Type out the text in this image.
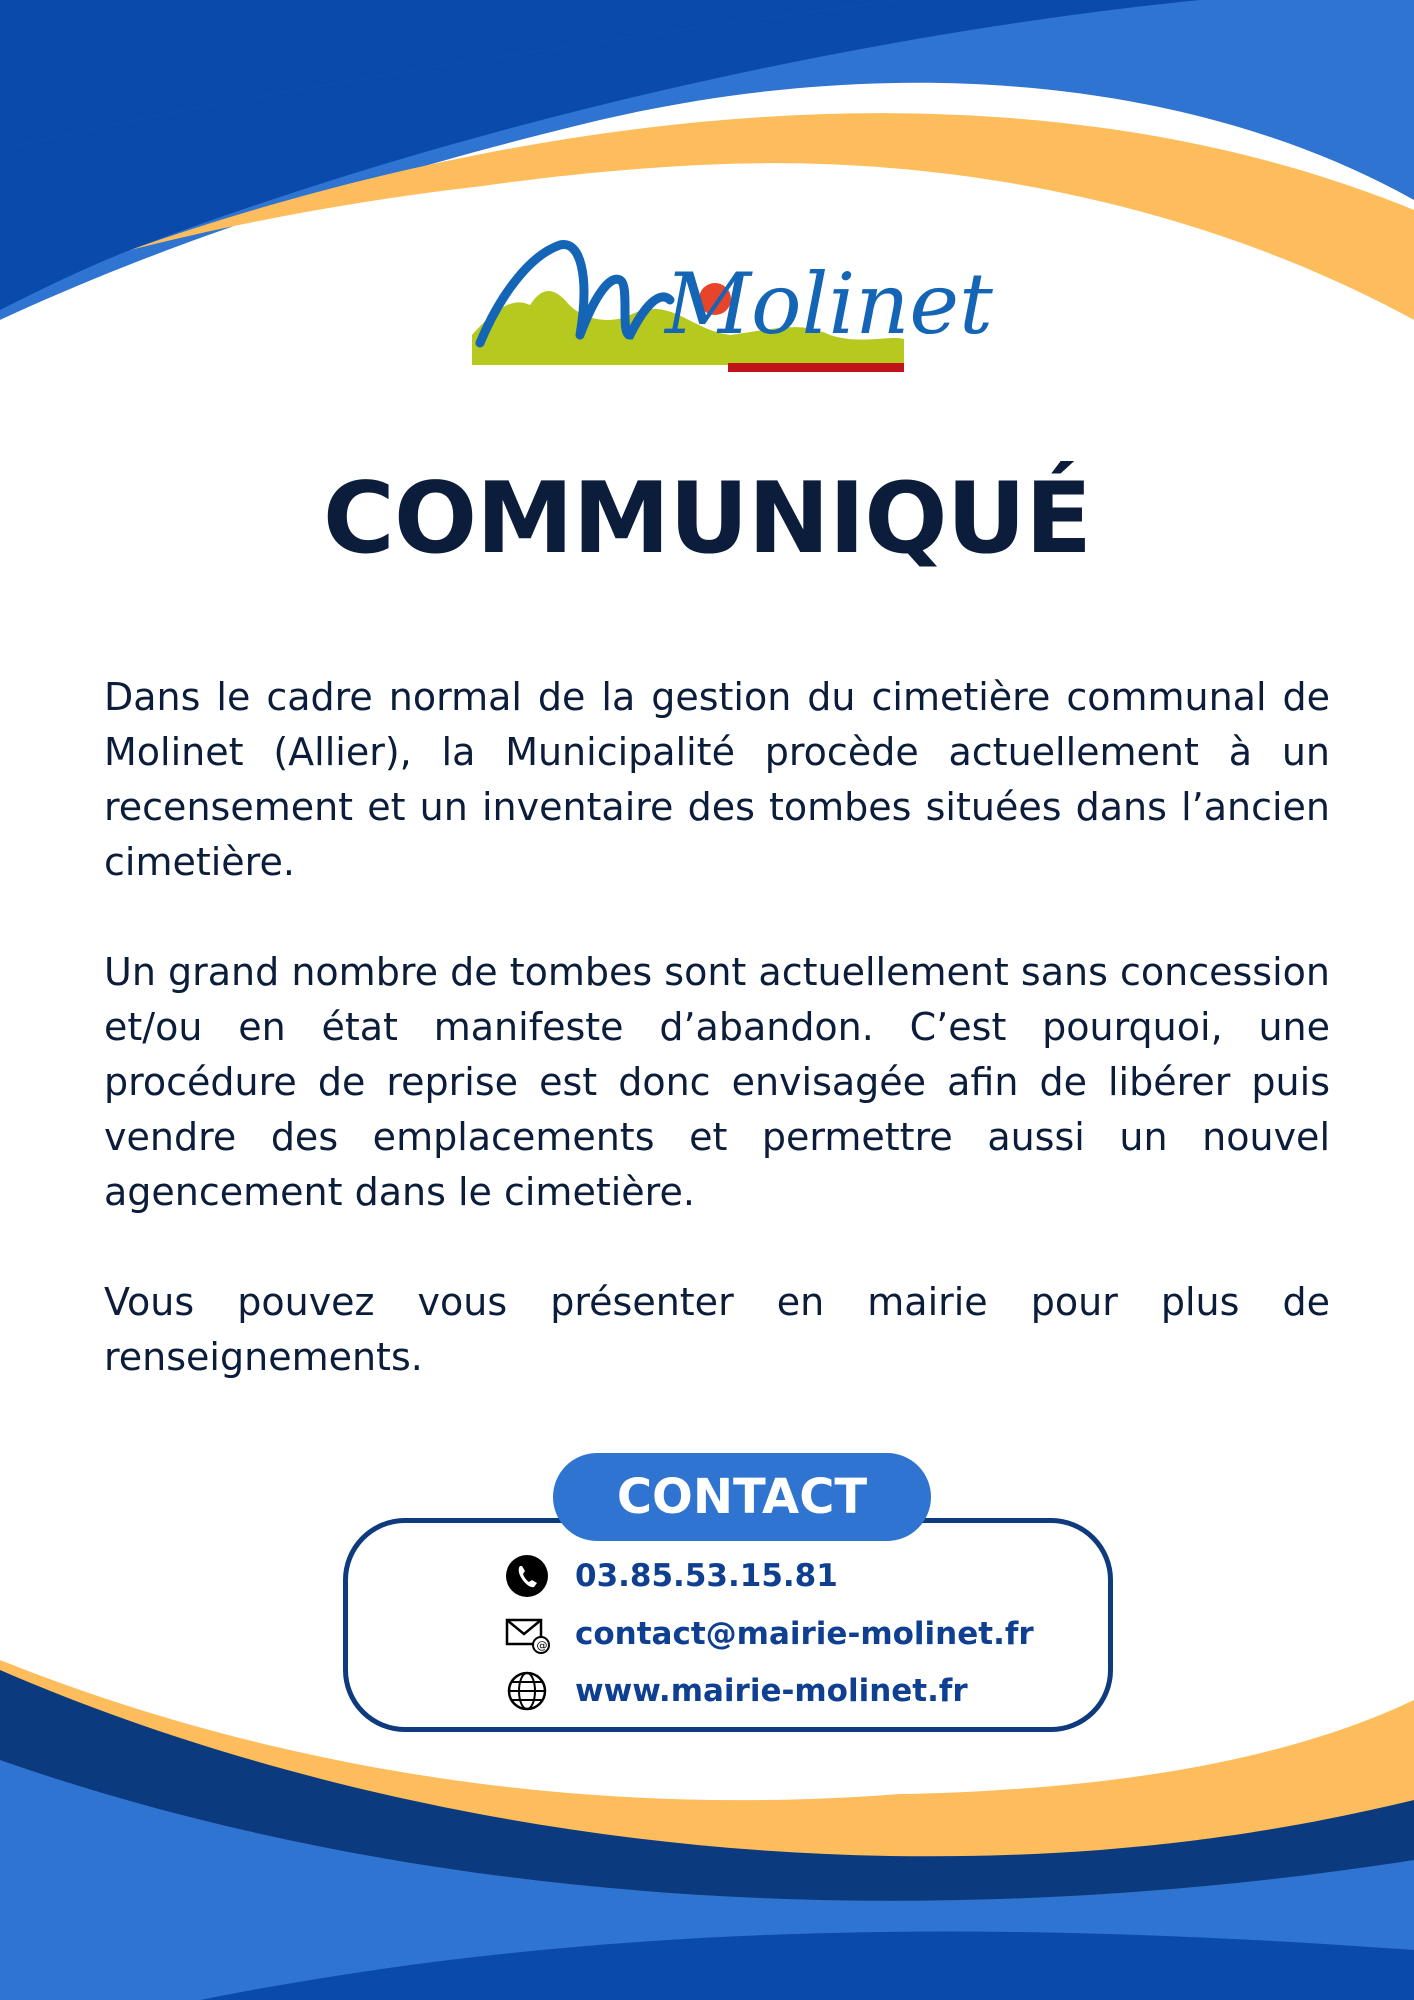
Molinet
COMMUNIQUÉ

Dans le cadre normal de la gestion du cimetière communal de Molinet (Allier), la Municipalité procède actuellement à un recensement et un inventaire des tombes situées dans l’ancien cimetière.

Un grand nombre de tombes sont actuellement sans concession et/ou en état manifeste d’abandon. C’est pourquoi, une procédure de reprise est donc envisagée afin de libérer puis vendre des emplacements et permettre aussi un nouvel agencement dans le cimetière.

Vous pouvez vous présenter en mairie pour plus de renseignements.

CONTACT
03.85.53.15.81
@ contact@mairie-molinet.fr
www.mairie-molinet.fr
